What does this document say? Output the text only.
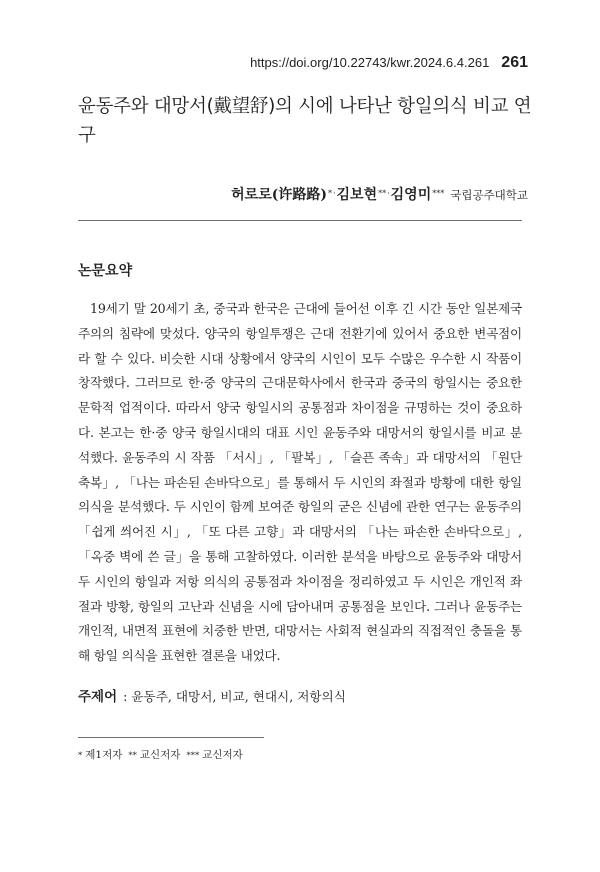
https://doi.org/10.22743/kwr.2024.6.4.261 261
윤동주와 대망서(戴望舒)의 시에 나타난 항일의식 비교 연구
허로로(许路路)*·김보현**·김영미*** 국립공주대학교
논문요약

19세기 말 20세기 초, 중국과 한국은 근대에 들어선 이후 긴 시간 동안 일본제국주의의 침략에 맞섰다. 양국의 항일투쟁은 근대 전환기에 있어서 중요한 변곡점이라 할 수 있다. 비슷한 시대 상황에서 양국의 시인이 모두 수많은 우수한 시 작품이 창작했다. 그러므로 한·중 양국의 근대문학사에서 한국과 중국의 항일시는 중요한 문학적 업적이다. 따라서 양국 항일시의 공통점과 차이점을 규명하는 것이 중요하다. 본고는 한·중 양국 항일시대의 대표 시인 윤동주와 대망서의 항일시를 비교 분석했다. 윤동주의 시 작품 「서시」, 「팔복」, 「슬픈 족속」과 대망서의 「원단 축복」, 「나는 파손된 손바닥으로」를 통해서 두 시인의 좌절과 방황에 대한 항일의식을 분석했다. 두 시인이 함께 보여준 항일의 굳은 신념에 관한 연구는 윤동주의 「쉽게 씌어진 시」, 「또 다른 고향」과 대망서의 「나는 파손한 손바닥으로」, 「옥중 벽에 쓴 글」을 통해 고찰하였다. 이러한 분석을 바탕으로 윤동주와 대망서 두 시인의 항일과 저항 의식의 공통점과 차이점을 정리하였고 두 시인은 개인적 좌절과 방황, 항일의 고난과 신념을 시에 담아내며 공통점을 보인다. 그러나 윤동주는 개인적, 내면적 표현에 치중한 반면, 대망서는 사회적 현실과의 직접적인 충돌을 통해 항일 의식을 표현한 결론을 내었다.

주제어 : 윤동주, 대망서, 비교, 현대시, 저항의식
* 제1저자 ** 교신저자 *** 교신저자
